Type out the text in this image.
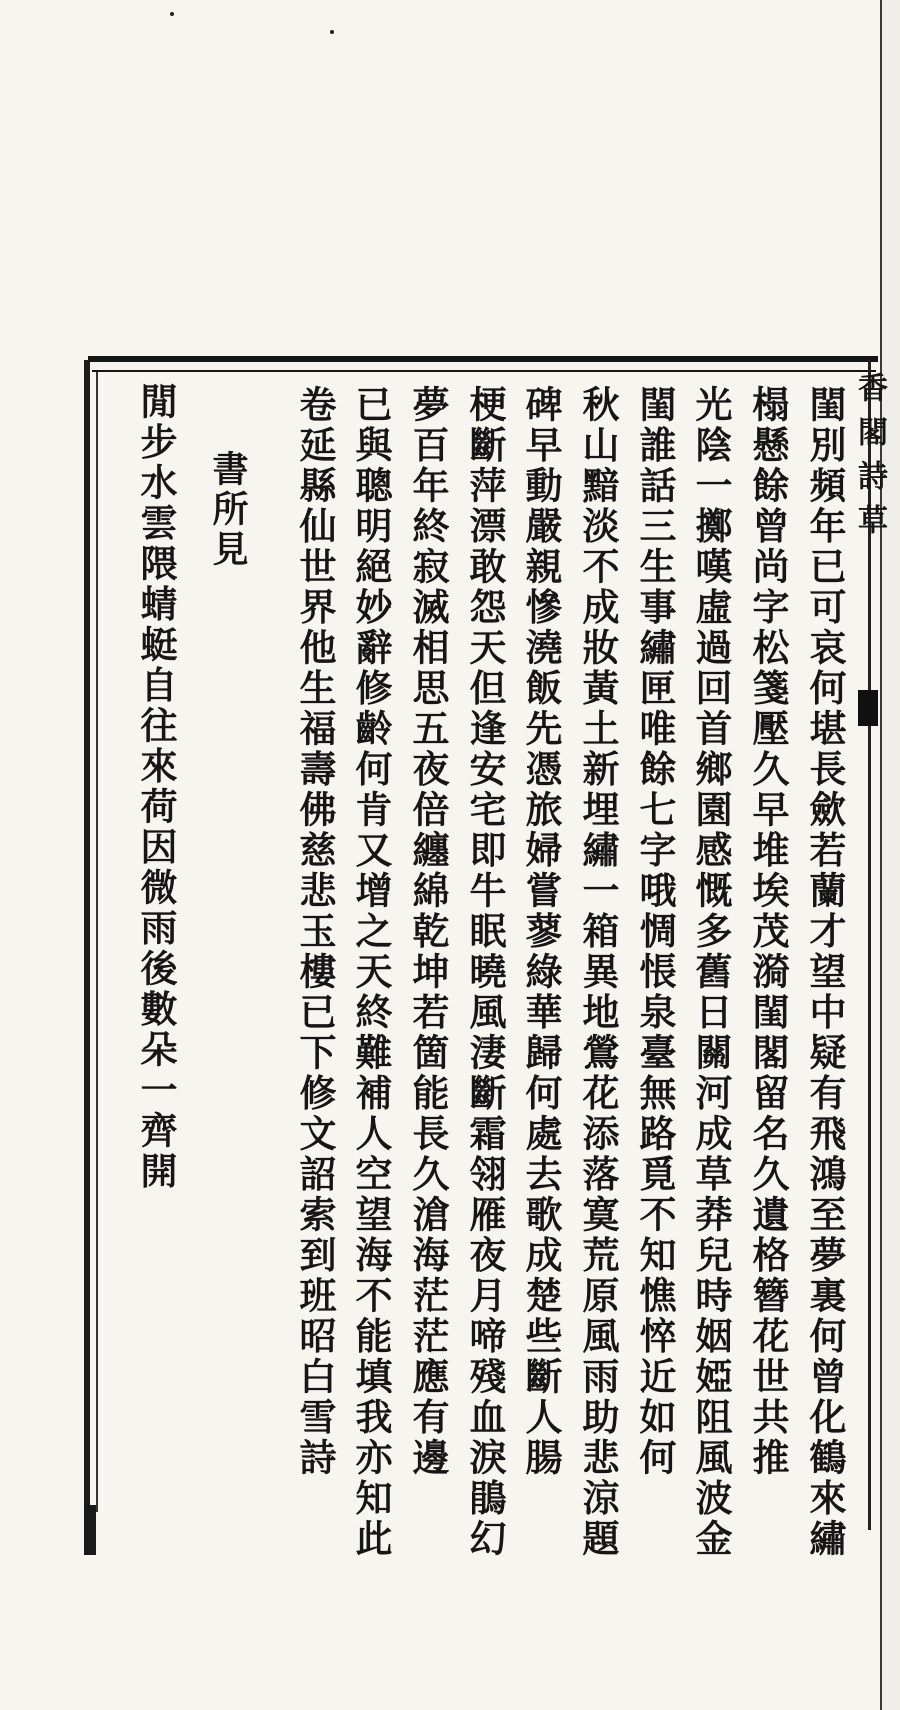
香閣詩草
閨別頻年已可哀何堪長歛若蘭才望中疑有飛鴻至夢裏何曾化鶴來繡
榻懸餘曾尚字松箋壓久早堆埃茂漪閨閣留名久遺格簪花世共推
光陰一擲嘆虛過回首鄉園感慨多舊日關河成草莽兒時姻婭阻風波金
閨誰話三生事繡匣唯餘七字哦惆悵泉臺無路覓不知憔悴近如何
秋山黯淡不成妝黃土新埋繡一箱異地鶯花添落寞荒原風雨助悲涼題
碑早動嚴親慘澆飯先憑旅婦嘗蓼綠華歸何處去歌成楚些斷人腸
梗斷萍漂敢怨天但逢安宅即牛眠曉風淒斷霜翎雁夜月啼殘血淚鵑幻
夢百年終寂滅相思五夜倍纏綿乾坤若箇能長久滄海茫茫應有邊
已與聰明絕妙辭修齡何肯又增之天終難補人空望海不能填我亦知此
卷延縣仙世界他生福壽佛慈悲玉樓已下修文詔索到班昭白雪詩
書所見
閒步水雲隈蜻蜓自往來荷因微雨後數朵一齊開
